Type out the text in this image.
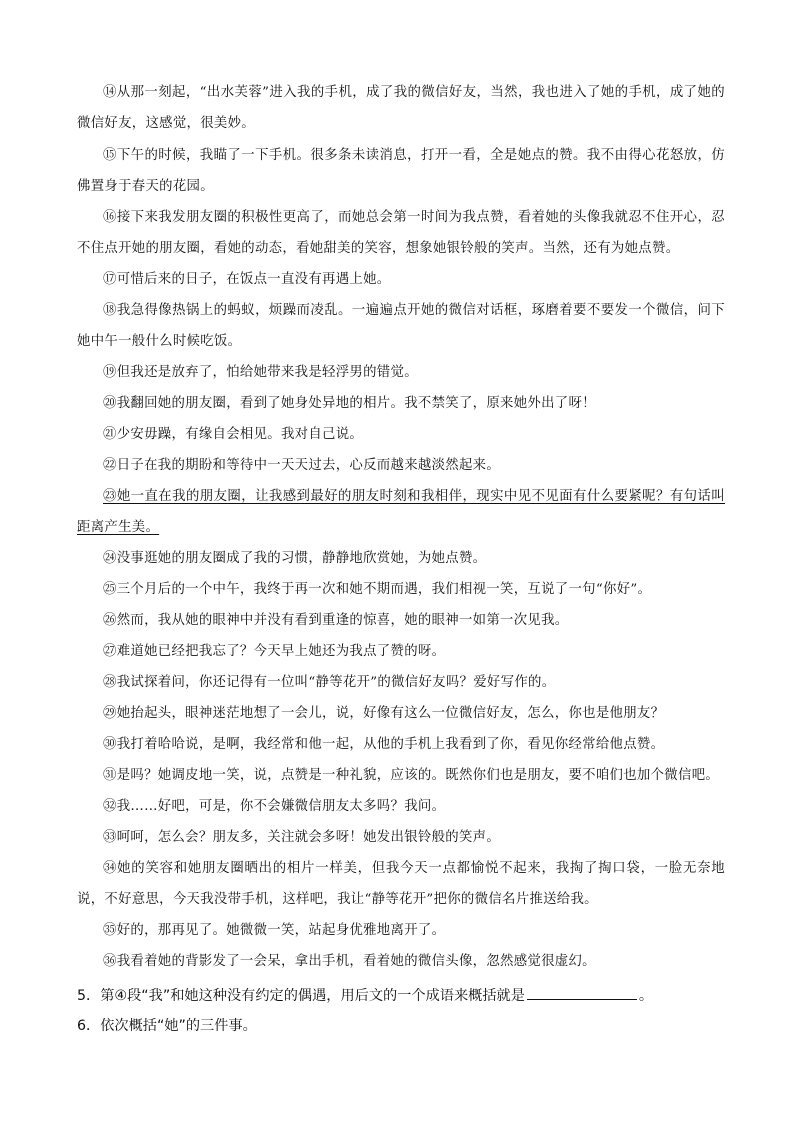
⑭从那一刻起，“出水芙蓉”进入我的手机，成了我的微信好友，当然，我也进入了她的手机，成了她的微信好友，这感觉，很美妙。

⑮下午的时候，我瞄了一下手机。很多条未读消息，打开一看，全是她点的赞。我不由得心花怒放，仿佛置身于春天的花园。

⑯接下来我发朋友圈的积极性更高了，而她总会第一时间为我点赞，看着她的头像我就忍不住开心，忍不住点开她的朋友圈，看她的动态，看她甜美的笑容，想象她银铃般的笑声。当然，还有为她点赞。

⑰可惜后来的日子，在饭点一直没有再遇上她。

⑱我急得像热锅上的蚂蚁，烦躁而凌乱。一遍遍点开她的微信对话框，琢磨着要不要发一个微信，问下她中午一般什么时候吃饭。

⑲但我还是放弃了，怕给她带来我是轻浮男的错觉。

⑳我翻回她的朋友圈，看到了她身处异地的相片。我不禁笑了，原来她外出了呀！

㉑少安毋躁，有缘自会相见。我对自己说。

㉒日子在我的期盼和等待中一天天过去，心反而越来越淡然起来。

㉓她一直在我的朋友圈，让我感到最好的朋友时刻和我相伴，现实中见不见面有什么要紧呢？有句话叫距离产生美。

㉔没事逛她的朋友圈成了我的习惯，静静地欣赏她，为她点赞。

㉕三个月后的一个中午，我终于再一次和她不期而遇，我们相视一笑，互说了一句“你好”。

㉖然而，我从她的眼神中并没有看到重逢的惊喜，她的眼神一如第一次见我。

㉗难道她已经把我忘了？今天早上她还为我点了赞的呀。

㉘我试探着问，你还记得有一位叫“静等花开”的微信好友吗？爱好写作的。

㉙她抬起头，眼神迷茫地想了一会儿，说，好像有这么一位微信好友，怎么，你也是他朋友？

㉚我打着哈哈说，是啊，我经常和他一起，从他的手机上我看到了你，看见你经常给他点赞。

㉛是吗？她调皮地一笑，说，点赞是一种礼貌，应该的。既然你们也是朋友，要不咱们也加个微信吧。

㉜我……好吧，可是，你不会嫌微信朋友太多吗？我问。

㉝呵呵，怎么会？朋友多，关注就会多呀！她发出银铃般的笑声。

㉞她的笑容和她朋友圈晒出的相片一样美，但我今天一点都愉悦不起来，我掏了掏口袋，一脸无奈地说，不好意思，今天我没带手机，这样吧，我让“静等花开”把你的微信名片推送给我。

㉟好的，那再见了。她微微一笑，站起身优雅地离开了。

㊱我看着她的背影发了一会呆，拿出手机，看着她的微信头像，忽然感觉很虚幻。

5．第④段“我”和她这种没有约定的偶遇，用后文的一个成语来概括就是	。

6．依次概括“她”的三件事。
